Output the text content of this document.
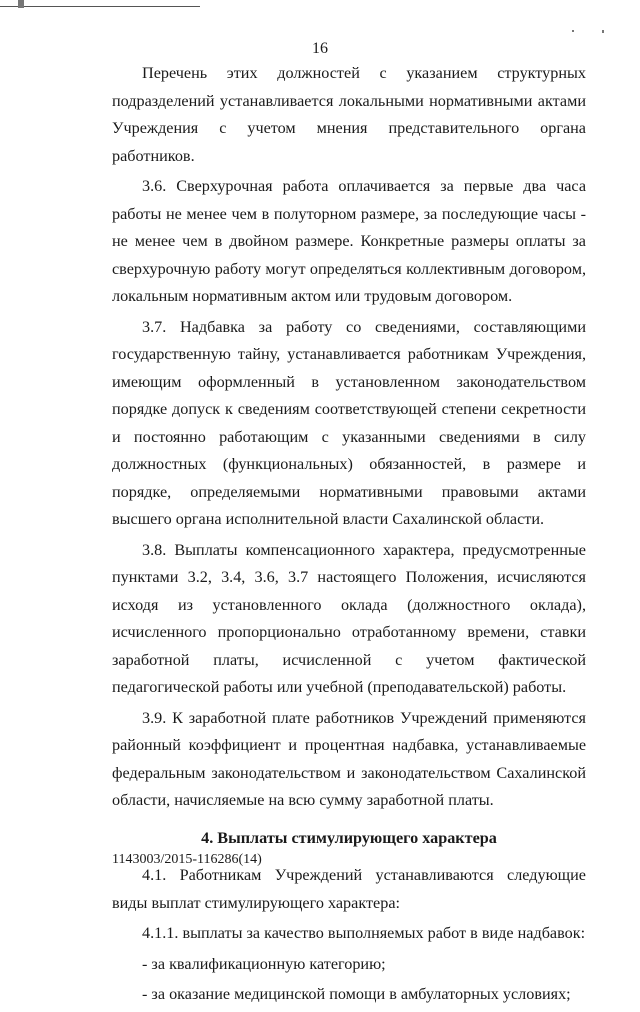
16

Перечень этих должностей с указанием структурных подразделений устанавливается локальными нормативными актами Учреждения с учетом мнения представительного органа работников.

3.6. Сверхурочная работа оплачивается за первые два часа работы не менее чем в полуторном размере, за последующие часы - не менее чем в двойном размере. Конкретные размеры оплаты за сверхурочную работу могут определяться коллективным договором, локальным нормативным актом или трудовым договором.

3.7. Надбавка за работу со сведениями, составляющими государственную тайну, устанавливается работникам Учреждения, имеющим оформленный в установленном законодательством порядке допуск к сведениям соответствующей степени секретности и постоянно работающим с указанными сведениями в силу должностных (функциональных) обязанностей, в размере и порядке, определяемыми нормативными правовыми актами высшего органа исполнительной власти Сахалинской области.

3.8. Выплаты компенсационного характера, предусмотренные пунктами 3.2, 3.4, 3.6, 3.7 настоящего Положения, исчисляются исходя из установленного оклада (должностного оклада), исчисленного пропорционально отработанному времени, ставки заработной платы, исчисленной с учетом фактической педагогической работы или учебной (преподавательской) работы.

3.9. К заработной плате работников Учреждений применяются районный коэффициент и процентная надбавка, устанавливаемые федеральным законодательством и законодательством Сахалинской области, начисляемые на всю сумму заработной платы.

4. Выплаты стимулирующего характера

4.1. Работникам Учреждений устанавливаются следующие виды выплат стимулирующего характера:

4.1.1. выплаты за качество выполняемых работ в виде надбавок:

- за квалификационную категорию;

- за оказание медицинской помощи в амбулаторных условиях;

1143003/2015-116286(14)
